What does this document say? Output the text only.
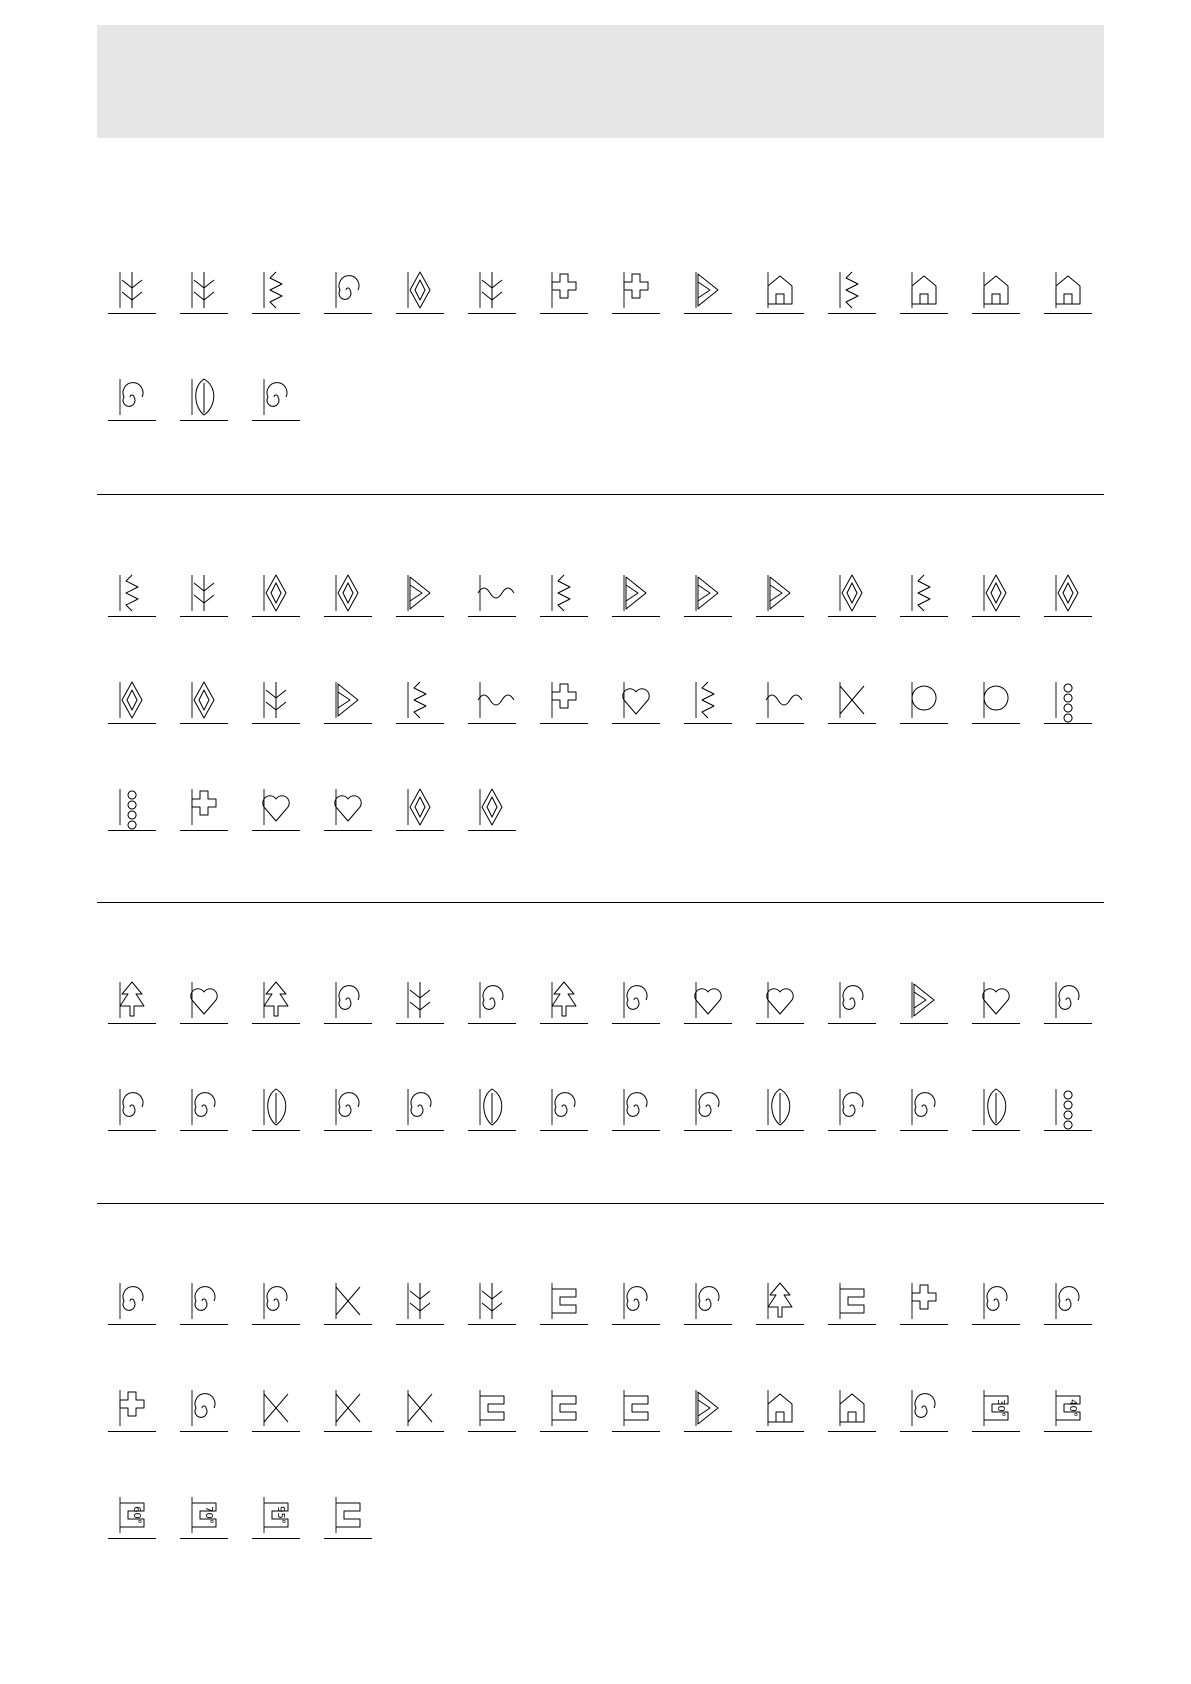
30°	40°
60°	70°	95°
